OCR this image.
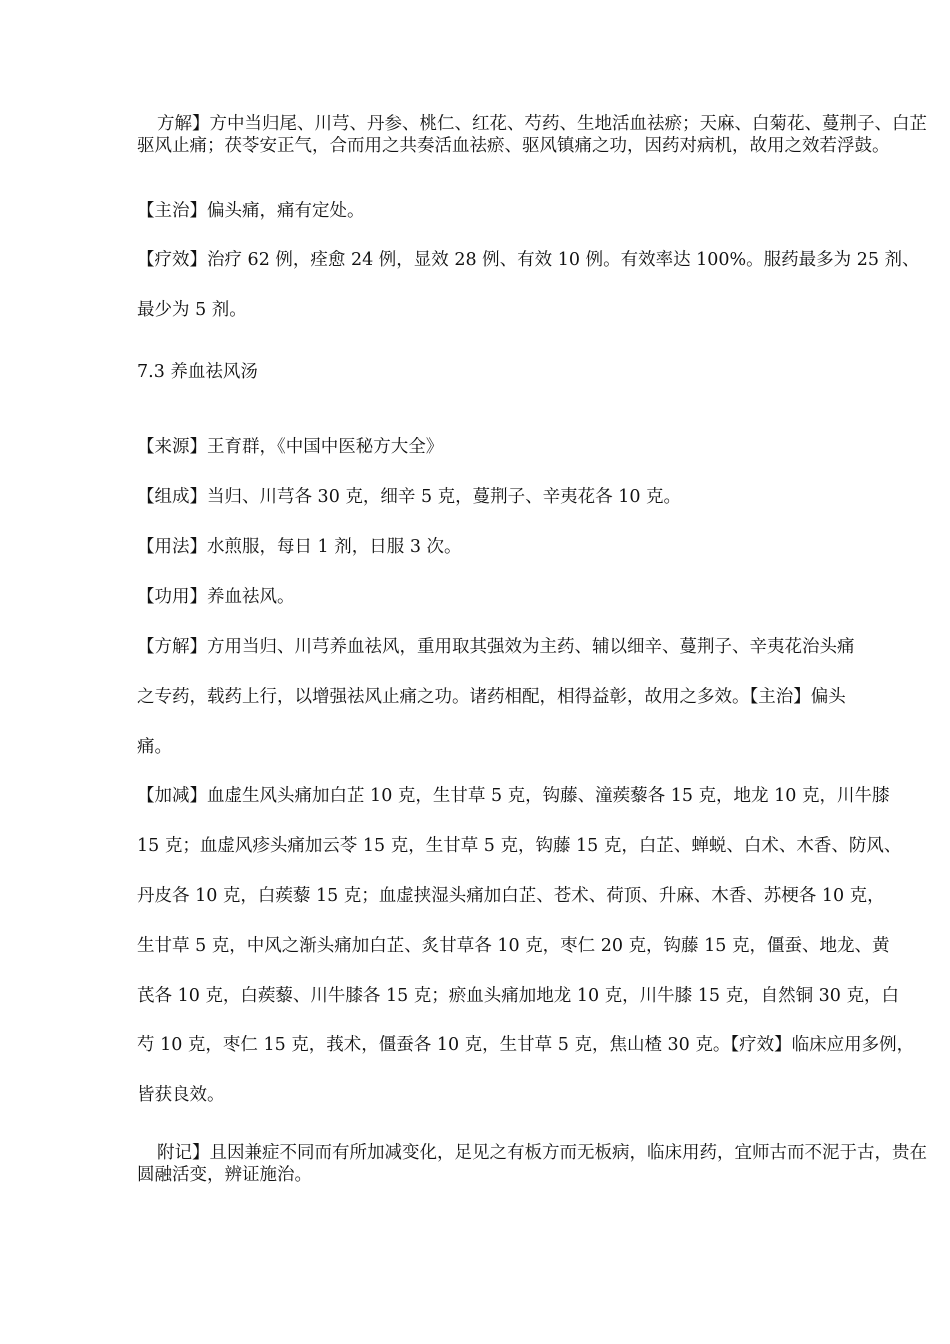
方解】方中当归尾、川芎、丹参、桃仁、红花、芍药、生地活血祛瘀；天麻、白菊花、蔓荆子、白芷驱风止痛；茯苓安正气，合而用之共奏活血祛瘀、驱风镇痛之功，因药对病机，故用之效若浮鼓。

【主治】偏头痛，痛有定处。

【疗效】治疗 62 例，痊愈 24 例，显效 28 例、有效 10 例。有效率达 100%。服药最多为 25 剂、

最少为 5 剂。

7.3 养血祛风汤

【来源】王育群，《中国中医秘方大全》

【组成】当归、川芎各 30 克，细辛 5 克，蔓荆子、辛夷花各 10 克。

【用法】水煎服，每日 1 剂，日服 3 次。

【功用】养血祛风。

【方解】方用当归、川芎养血祛风，重用取其强效为主药、辅以细辛、蔓荆子、辛夷花治头痛

之专药，载药上行，以增强祛风止痛之功。诸药相配，相得益彰，故用之多效。【主治】偏头

痛。

【加减】血虚生风头痛加白芷 10 克，生甘草 5 克，钩藤、潼蒺藜各 15 克，地龙 10 克，川牛膝

15 克；血虚风疹头痛加云苓 15 克，生甘草 5 克，钩藤 15 克，白芷、蝉蜕、白术、木香、防风、

丹皮各 10 克，白蒺藜 15 克；血虚挟湿头痛加白芷、苍术、荷顶、升麻、木香、苏梗各 10 克，

生甘草 5 克，中风之渐头痛加白芷、炙甘草各 10 克，枣仁 20 克，钩藤 15 克，僵蚕、地龙、黄

芪各 10 克，白蒺藜、川牛膝各 15 克；瘀血头痛加地龙 10 克，川牛膝 15 克，自然铜 30 克，白

芍 10 克，枣仁 15 克，莪术，僵蚕各 10 克，生甘草 5 克，焦山楂 30 克。【疗效】临床应用多例，

皆获良效。

附记】且因兼症不同而有所加减变化，足见之有板方而无板病，临床用药，宜师古而不泥于古，贵在圆融活变，辨证施治。
